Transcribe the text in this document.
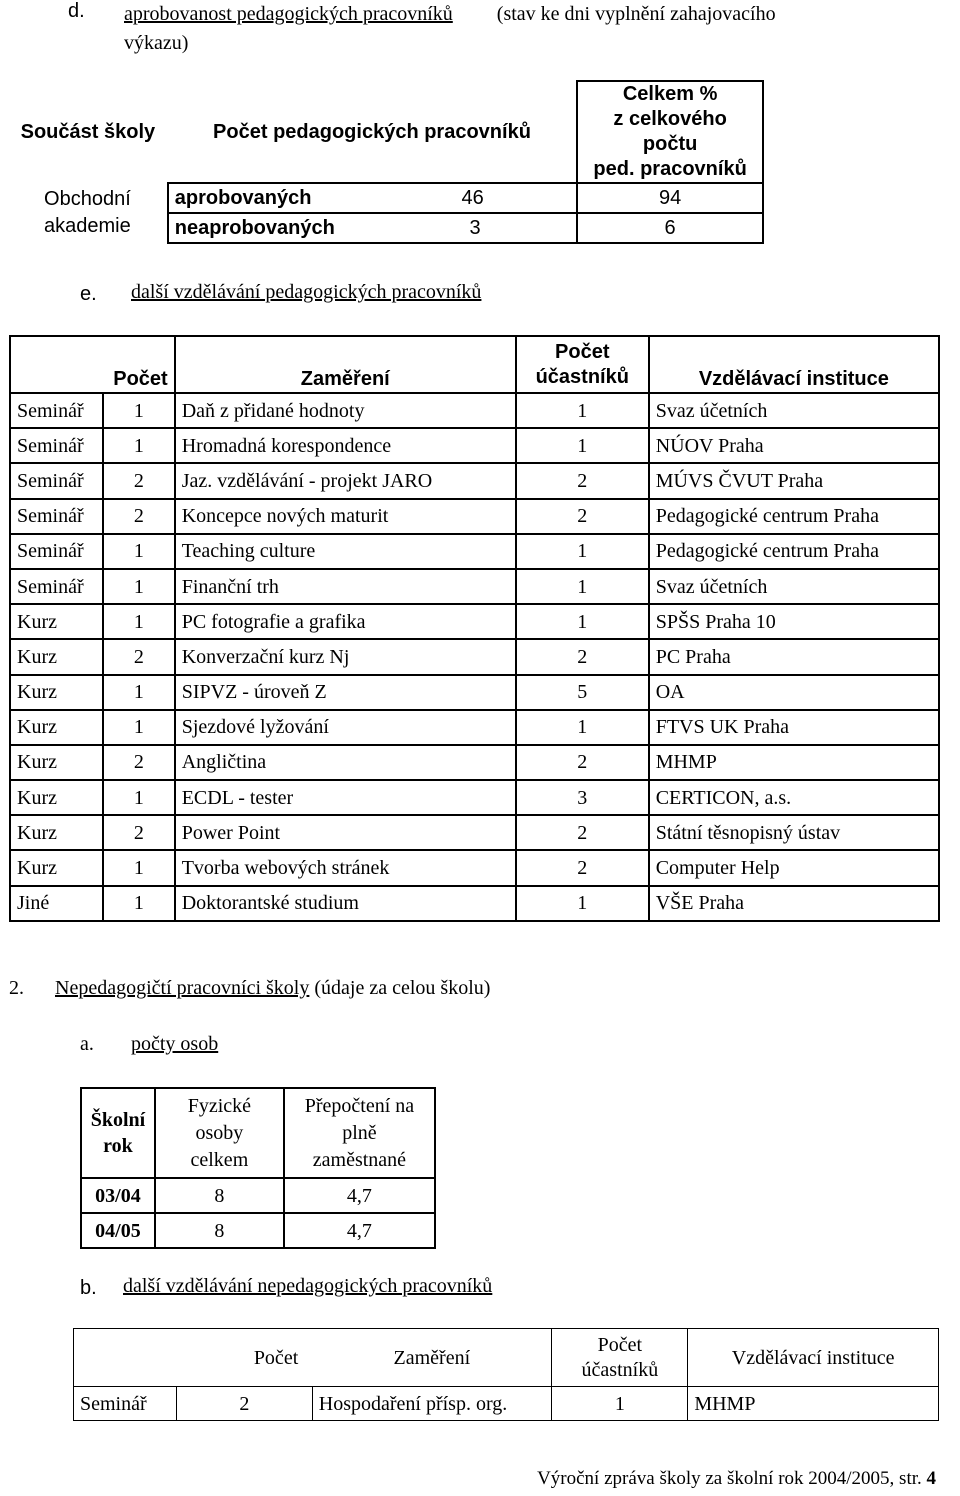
d. aprobovanost pedagogických pracovníků (stav ke dni vyplnění zahajovacího
výkazu)
Součást školy	Počet pedagogických pracovníků		Celkem %
z celkového počtu
ped. pracovníků
Obchodní
akademie	aprobovaných	46	94
	neaprobovaných	3	6
e. další vzdělávání pedagogických pracovníků
Počet		Zaměření	Počet
účastníků	Vzdělávací instituce
Seminář	1	Daň z přidané hodnoty	1	Svaz účetních
Seminář	1	Hromadná korespondence	1	NÚOV Praha
Seminář	2	Jaz. vzdělávání - projekt JARO	2	MÚVS ČVUT Praha
Seminář	2	Koncepce nových maturit	2	Pedagogické centrum Praha
Seminář	1	Teaching culture	1	Pedagogické centrum Praha
Seminář	1	Finanční trh	1	Svaz účetních
Kurz	1	PC fotografie a grafika	1	SPŠS Praha 10
Kurz	2	Konverzační kurz Nj	2	PC Praha
Kurz	1	SIPVZ - úroveň Z	5	OA
Kurz	1	Sjezdové lyžování	1	FTVS UK Praha
Kurz	2	Angličtina	2	MHMP
Kurz	1	ECDL - tester	3	CERTICON, a.s.
Kurz	2	Power Point	2	Státní těsnopisný ústav
Kurz	1	Tvorba webových stránek	2	Computer Help
Jiné	1	Doktorantské studium	1	VŠE Praha
2. Nepedagogičtí pracovníci školy (údaje za celou školu)
a. počty osob
Školní
rok	Fyzické
osoby
celkem	Přepočtení na
plně
zaměstnané
03/04	8	4,7
04/05	8	4,7
b. další vzdělávání nepedagogických pracovníků
	Počet	Zaměření	Počet
účastníků	Vzdělávací instituce
Seminář	2	Hospodaření přísp. org.	1	MHMP
Výroční zpráva školy za školní rok 2004/2005, str. 4
